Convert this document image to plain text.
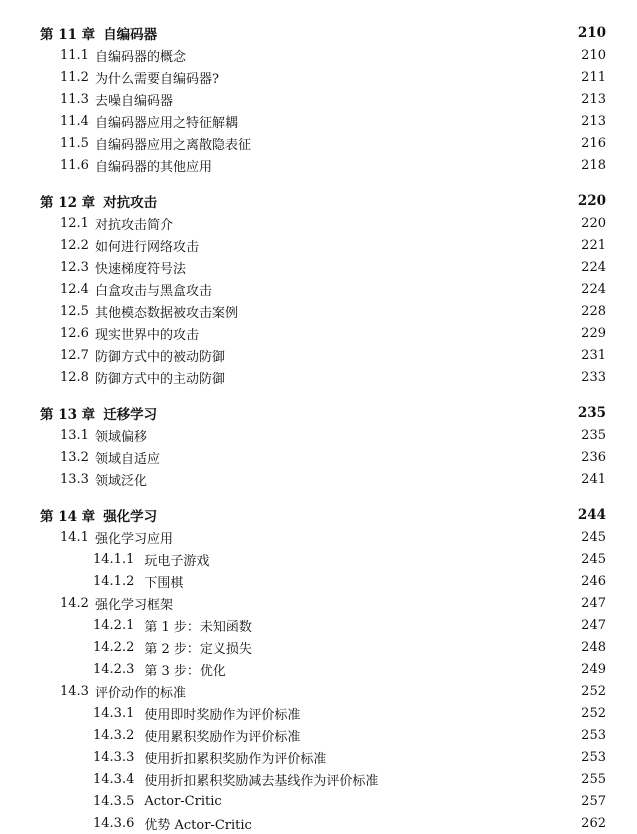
第 11 章 自编码器	210
11.1 自编码器的概念	210
11.2 为什么需要自编码器?	211
11.3 去噪自编码器	213
11.4 自编码器应用之特征解耦	213
11.5 自编码器应用之离散隐表征	216
11.6 自编码器的其他应用	218
第 12 章 对抗攻击	220
12.1 对抗攻击简介	220
12.2 如何进行网络攻击	221
12.3 快速梯度符号法	224
12.4 白盒攻击与黑盒攻击	224
12.5 其他模态数据被攻击案例	228
12.6 现实世界中的攻击	229
12.7 防御方式中的被动防御	231
12.8 防御方式中的主动防御	233
第 13 章 迁移学习	235
13.1 领域偏移	235
13.2 领域自适应	236
13.3 领域泛化	241
第 14 章 强化学习	244
14.1 强化学习应用	245
14.1.1 玩电子游戏	245
14.1.2 下围棋	246
14.2 强化学习框架	247
14.2.1 第 1 步：未知函数	247
14.2.2 第 2 步：定义损失	248
14.2.3 第 3 步：优化	249
14.3 评价动作的标准	252
14.3.1 使用即时奖励作为评价标准	252
14.3.2 使用累积奖励作为评价标准	253
14.3.3 使用折扣累积奖励作为评价标准	253
14.3.4 使用折扣累积奖励减去基线作为评价标准	255
14.3.5 Actor-Critic	257
14.3.6 优势 Actor-Critic	262
